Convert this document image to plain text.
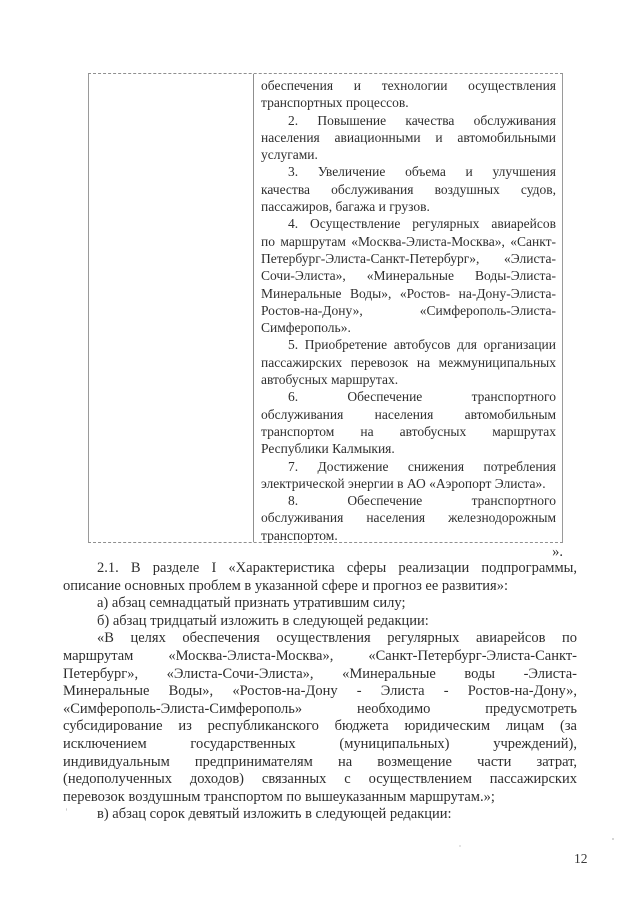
обеспечения и технологии осуществления
транспортных процессов.
2. Повышение качества обслуживания
населения авиационными и автомобильными
услугами.
3. Увеличение объема и улучшения
качества обслуживания воздушных судов,
пассажиров, багажа и грузов.
4. Осуществление регулярных авиарейсов
по маршрутам «Москва-Элиста-Москва», «Санкт-
Петербург-Элиста-Санкт-Петербург», «Элиста-
Сочи-Элиста», «Минеральные Воды-Элиста-
Минеральные Воды», «Ростов- на-Дону-Элиста-
Ростов-на-Дону», «Симферополь-Элиста-
Симферополь».
5. Приобретение автобусов для организации
пассажирских перевозок на межмуниципальных
автобусных маршрутах.
6. Обеспечение транспортного
обслуживания населения автомобильным
транспортом на автобусных маршрутах
Республики Калмыкия.
7. Достижение снижения потребления
электрической энергии в АО «Аэропорт Элиста».
8. Обеспечение транспортного
обслуживания населения железнодорожным
транспортом.
».
2.1. В разделе I «Характеристика сферы реализации подпрограммы,
описание основных проблем в указанной сфере и прогноз ее развития»:
а) абзац семнадцатый признать утратившим силу;
б) абзац тридцатый изложить в следующей редакции:
«В целях обеспечения осуществления регулярных авиарейсов по
маршрутам «Москва-Элиста-Москва», «Санкт-Петербург-Элиста-Санкт-
Петербург», «Элиста-Сочи-Элиста», «Минеральные воды -Элиста-
Минеральные Воды», «Ростов-на-Дону - Элиста - Ростов-на-Дону»,
«Симферополь-Элиста-Симферополь» необходимо предусмотреть
субсидирование из республиканского бюджета юридическим лицам (за
исключением государственных (муниципальных) учреждений),
индивидуальным предпринимателям на возмещение части затрат,
(недополученных доходов) связанных с осуществлением пассажирских
перевозок воздушным транспортом по вышеуказанным маршрутам.»;
в) абзац сорок девятый изложить в следующей редакции:
12
